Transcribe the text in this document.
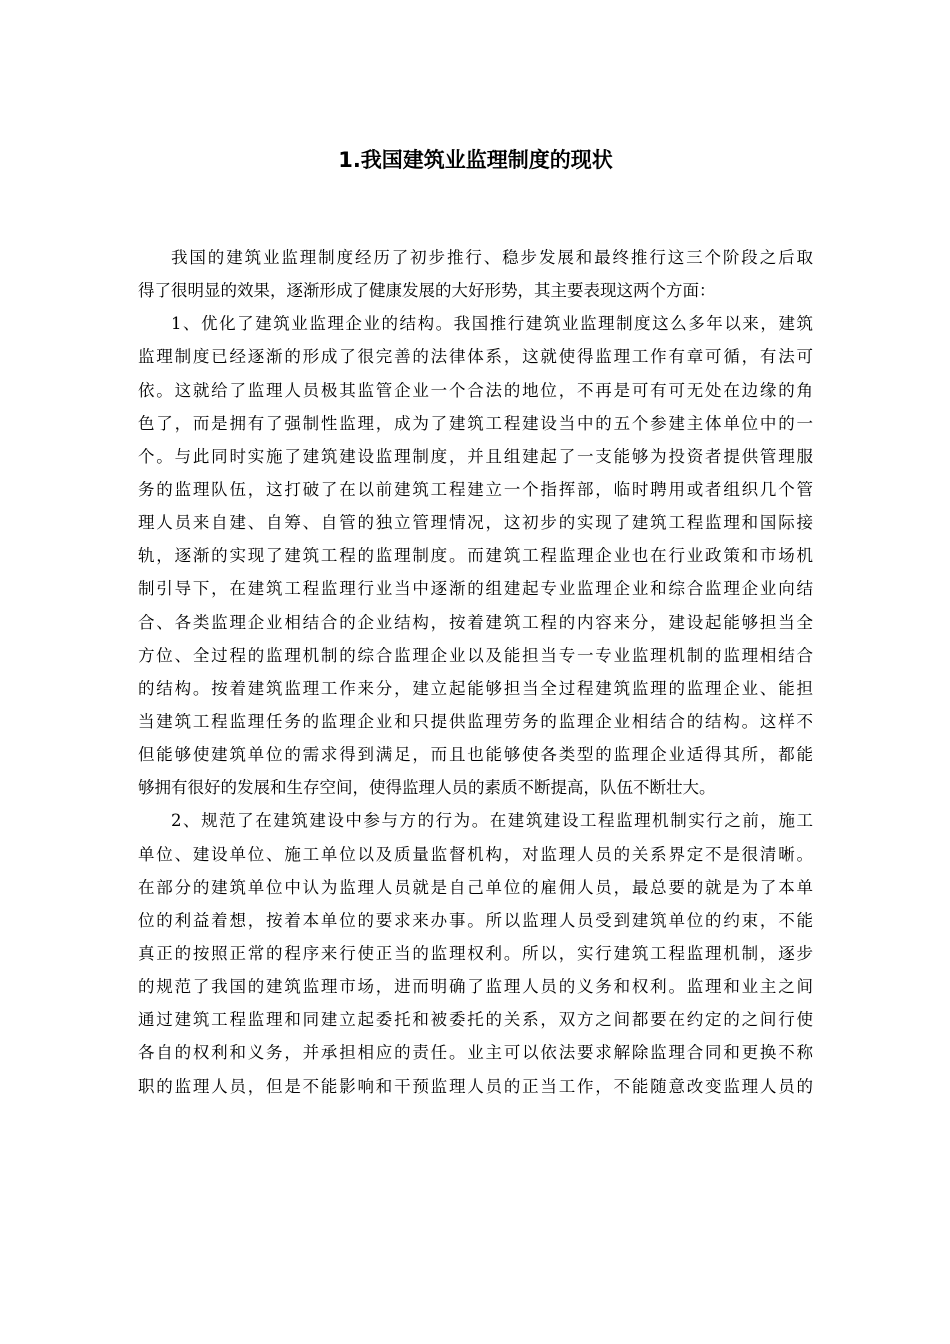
1.我国建筑业监理制度的现状
我国的建筑业监理制度经历了初步推行、稳步发展和最终推行这三个阶段之后取
得了很明显的效果，逐渐形成了健康发展的大好形势，其主要表现这两个方面：
1、优化了建筑业监理企业的结构。我国推行建筑业监理制度这么多年以来，建筑
监理制度已经逐渐的形成了很完善的法律体系，这就使得监理工作有章可循，有法可
依。这就给了监理人员极其监管企业一个合法的地位，不再是可有可无处在边缘的角
色了，而是拥有了强制性监理，成为了建筑工程建设当中的五个参建主体单位中的一
个。与此同时实施了建筑建设监理制度，并且组建起了一支能够为投资者提供管理服
务的监理队伍，这打破了在以前建筑工程建立一个指挥部，临时聘用或者组织几个管
理人员来自建、自筹、自管的独立管理情况，这初步的实现了建筑工程监理和国际接
轨，逐渐的实现了建筑工程的监理制度。而建筑工程监理企业也在行业政策和市场机
制引导下，在建筑工程监理行业当中逐渐的组建起专业监理企业和综合监理企业向结
合、各类监理企业相结合的企业结构，按着建筑工程的内容来分，建设起能够担当全
方位、全过程的监理机制的综合监理企业以及能担当专一专业监理机制的监理相结合
的结构。按着建筑监理工作来分，建立起能够担当全过程建筑监理的监理企业、能担
当建筑工程监理任务的监理企业和只提供监理劳务的监理企业相结合的结构。这样不
但能够使建筑单位的需求得到满足，而且也能够使各类型的监理企业适得其所，都能
够拥有很好的发展和生存空间，使得监理人员的素质不断提高，队伍不断壮大。
2、规范了在建筑建设中参与方的行为。在建筑建设工程监理机制实行之前，施工
单位、建设单位、施工单位以及质量监督机构，对监理人员的关系界定不是很清晰。
在部分的建筑单位中认为监理人员就是自己单位的雇佣人员，最总要的就是为了本单
位的利益着想，按着本单位的要求来办事。所以监理人员受到建筑单位的约束，不能
真正的按照正常的程序来行使正当的监理权利。所以，实行建筑工程监理机制，逐步
的规范了我国的建筑监理市场，进而明确了监理人员的义务和权利。监理和业主之间
通过建筑工程监理和同建立起委托和被委托的关系，双方之间都要在约定的之间行使
各自的权利和义务，并承担相应的责任。业主可以依法要求解除监理合同和更换不称
职的监理人员，但是不能影响和干预监理人员的正当工作，不能随意改变监理人员的
